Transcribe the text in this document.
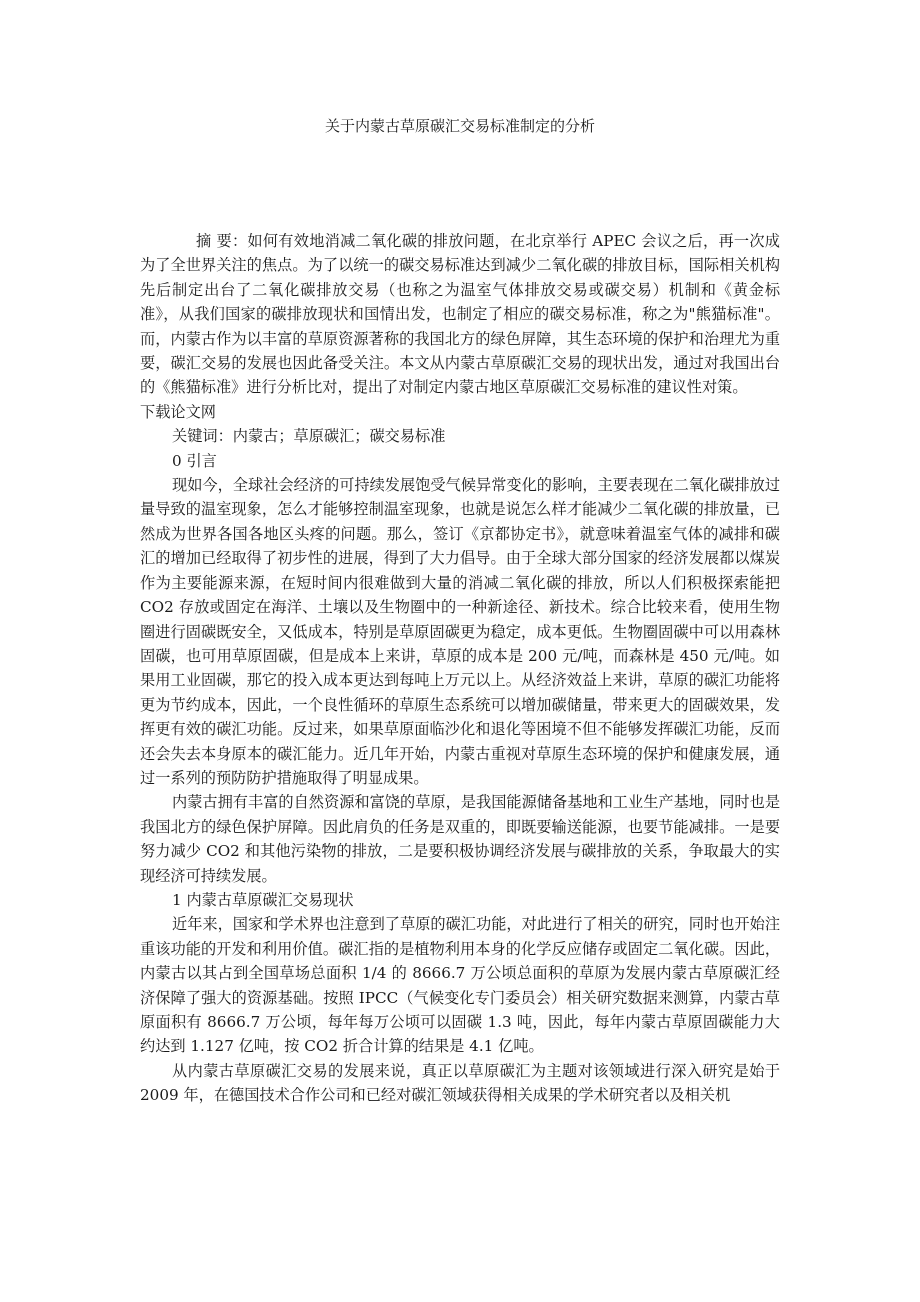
关于内蒙古草原碳汇交易标准制定的分析

摘 要：如何有效地消减二氧化碳的排放问题，在北京举行 APEC 会议之后，再一次成为了全世界关注的焦点。为了以统一的碳交易标准达到减少二氧化碳的排放目标，国际相关机构先后制定出台了二氧化碳排放交易（也称之为温室气体排放交易或碳交易）机制和《黄金标准》，从我们国家的碳排放现状和国情出发，也制定了相应的碳交易标准，称之为"熊猫标准"。而，内蒙古作为以丰富的草原资源著称的我国北方的绿色屏障，其生态环境的保护和治理尤为重要，碳汇交易的发展也因此备受关注。本文从内蒙古草原碳汇交易的现状出发，通过对我国出台的《熊猫标准》进行分析比对，提出了对制定内蒙古地区草原碳汇交易标准的建议性对策。

下载论文网

关键词：内蒙古；草原碳汇；碳交易标准

0 引言

现如今，全球社会经济的可持续发展饱受气候异常变化的影响，主要表现在二氧化碳排放过量导致的温室现象，怎么才能够控制温室现象，也就是说怎么样才能减少二氧化碳的排放量，已然成为世界各国各地区头疼的问题。那么，签订《京都协定书》，就意味着温室气体的减排和碳汇的增加已经取得了初步性的进展，得到了大力倡导。由于全球大部分国家的经济发展都以煤炭作为主要能源来源，在短时间内很难做到大量的消减二氧化碳的排放，所以人们积极探索能把 CO2 存放或固定在海洋、土壤以及生物圈中的一种新途径、新技术。综合比较来看，使用生物圈进行固碳既安全，又低成本，特别是草原固碳更为稳定，成本更低。生物圈固碳中可以用森林固碳，也可用草原固碳，但是成本上来讲，草原的成本是 200 元/吨，而森林是 450 元/吨。如果用工业固碳，那它的投入成本更达到每吨上万元以上。从经济效益上来讲，草原的碳汇功能将更为节约成本，因此，一个良性循环的草原生态系统可以增加碳储量，带来更大的固碳效果，发挥更有效的碳汇功能。反过来，如果草原面临沙化和退化等困境不但不能够发挥碳汇功能，反而还会失去本身原本的碳汇能力。近几年开始，内蒙古重视对草原生态环境的保护和健康发展，通过一系列的预防防护措施取得了明显成果。

内蒙古拥有丰富的自然资源和富饶的草原，是我国能源储备基地和工业生产基地，同时也是我国北方的绿色保护屏障。因此肩负的任务是双重的，即既要输送能源，也要节能减排。一是要努力减少 CO2 和其他污染物的排放，二是要积极协调经济发展与碳排放的关系，争取最大的实现经济可持续发展。

1 内蒙古草原碳汇交易现状

近年来，国家和学术界也注意到了草原的碳汇功能，对此进行了相关的研究，同时也开始注重该功能的开发和利用价值。碳汇指的是植物利用本身的化学反应储存或固定二氧化碳。因此，内蒙古以其占到全国草场总面积 1/4 的 8666.7 万公顷总面积的草原为发展内蒙古草原碳汇经济保障了强大的资源基础。按照 IPCC（气候变化专门委员会）相关研究数据来测算，内蒙古草原面积有 8666.7 万公顷，每年每万公顷可以固碳 1.3 吨，因此，每年内蒙古草原固碳能力大约达到 1.127 亿吨，按 CO2 折合计算的结果是 4.1 亿吨。

从内蒙古草原碳汇交易的发展来说，真正以草原碳汇为主题对该领域进行深入研究是始于 2009 年，在德国技术合作公司和已经对碳汇领域获得相关成果的学术研究者以及相关机
